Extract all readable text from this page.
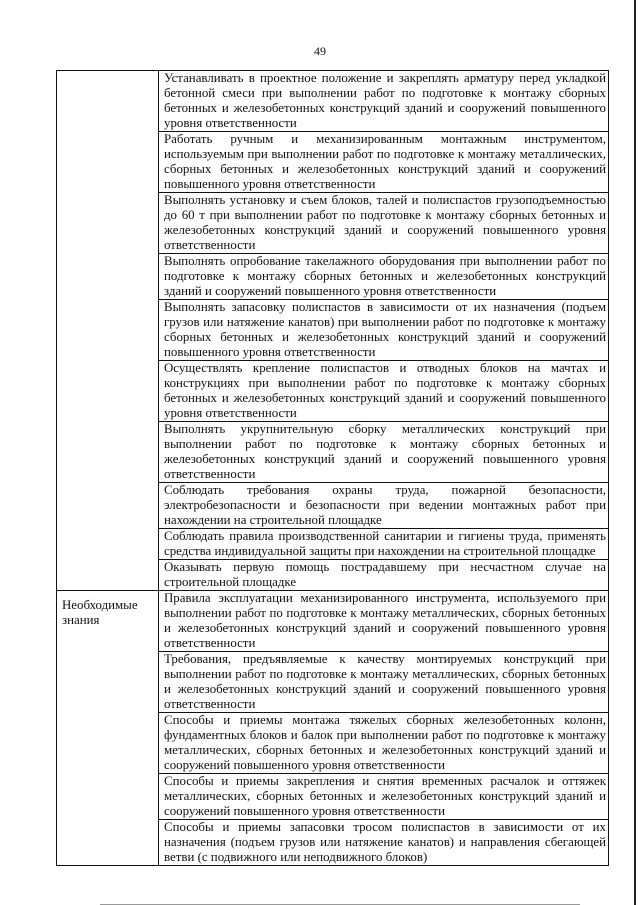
49
	Устанавливать в проектное положение и закреплять арматуру перед укладкой бетонной смеси при выполнении работ по подготовке к монтажу сборных бетонных и железобетонных конструкций зданий и сооружений повышенного уровня ответственности
	Работать ручным и механизированным монтажным инструментом, используемым при выполнении работ по подготовке к монтажу металлических, сборных бетонных и железобетонных конструкций зданий и сооружений повышенного уровня ответственности
	Выполнять установку и съем блоков, талей и полиспастов грузоподъемностью до 60 т при выполнении работ по подготовке к монтажу сборных бетонных и железобетонных конструкций зданий и сооружений повышенного уровня ответственности
	Выполнять опробование такелажного оборудования при выполнении работ по подготовке к монтажу сборных бетонных и железобетонных конструкций зданий и сооружений повышенного уровня ответственности
	Выполнять запасовку полиспастов в зависимости от их назначения (подъем грузов или натяжение канатов) при выполнении работ по подготовке к монтажу сборных бетонных и железобетонных конструкций зданий и сооружений повышенного уровня ответственности
	Осуществлять крепление полиспастов и отводных блоков на мачтах и конструкциях при выполнении работ по подготовке к монтажу сборных бетонных и железобетонных конструкций зданий и сооружений повышенного уровня ответственности
	Выполнять укрупнительную сборку металлических конструкций при выполнении работ по подготовке к монтажу сборных бетонных и железобетонных конструкций зданий и сооружений повышенного уровня ответственности
	Соблюдать требования охраны труда, пожарной безопасности, электробезопасности и безопасности при ведении монтажных работ при нахождении на строительной площадке
	Соблюдать правила производственной санитарии и гигиены труда, применять средства индивидуальной защиты при нахождении на строительной площадке
	Оказывать первую помощь пострадавшему при несчастном случае на строительной площадке
Необходимые знания	Правила эксплуатации механизированного инструмента, используемого при выполнении работ по подготовке к монтажу металлических, сборных бетонных и железобетонных конструкций зданий и сооружений повышенного уровня ответственности
	Требования, предъявляемые к качеству монтируемых конструкций при выполнении работ по подготовке к монтажу металлических, сборных бетонных и железобетонных конструкций зданий и сооружений повышенного уровня ответственности
	Способы и приемы монтажа тяжелых сборных железобетонных колонн, фундаментных блоков и балок при выполнении работ по подготовке к монтажу металлических, сборных бетонных и железобетонных конструкций зданий и сооружений повышенного уровня ответственности
	Способы и приемы закрепления и снятия временных расчалок и оттяжек металлических, сборных бетонных и железобетонных конструкций зданий и сооружений повышенного уровня ответственности
	Способы и приемы запасовки тросом полиспастов в зависимости от их назначения (подъем грузов или натяжение канатов) и направления сбегающей ветви (с подвижного или неподвижного блоков)
